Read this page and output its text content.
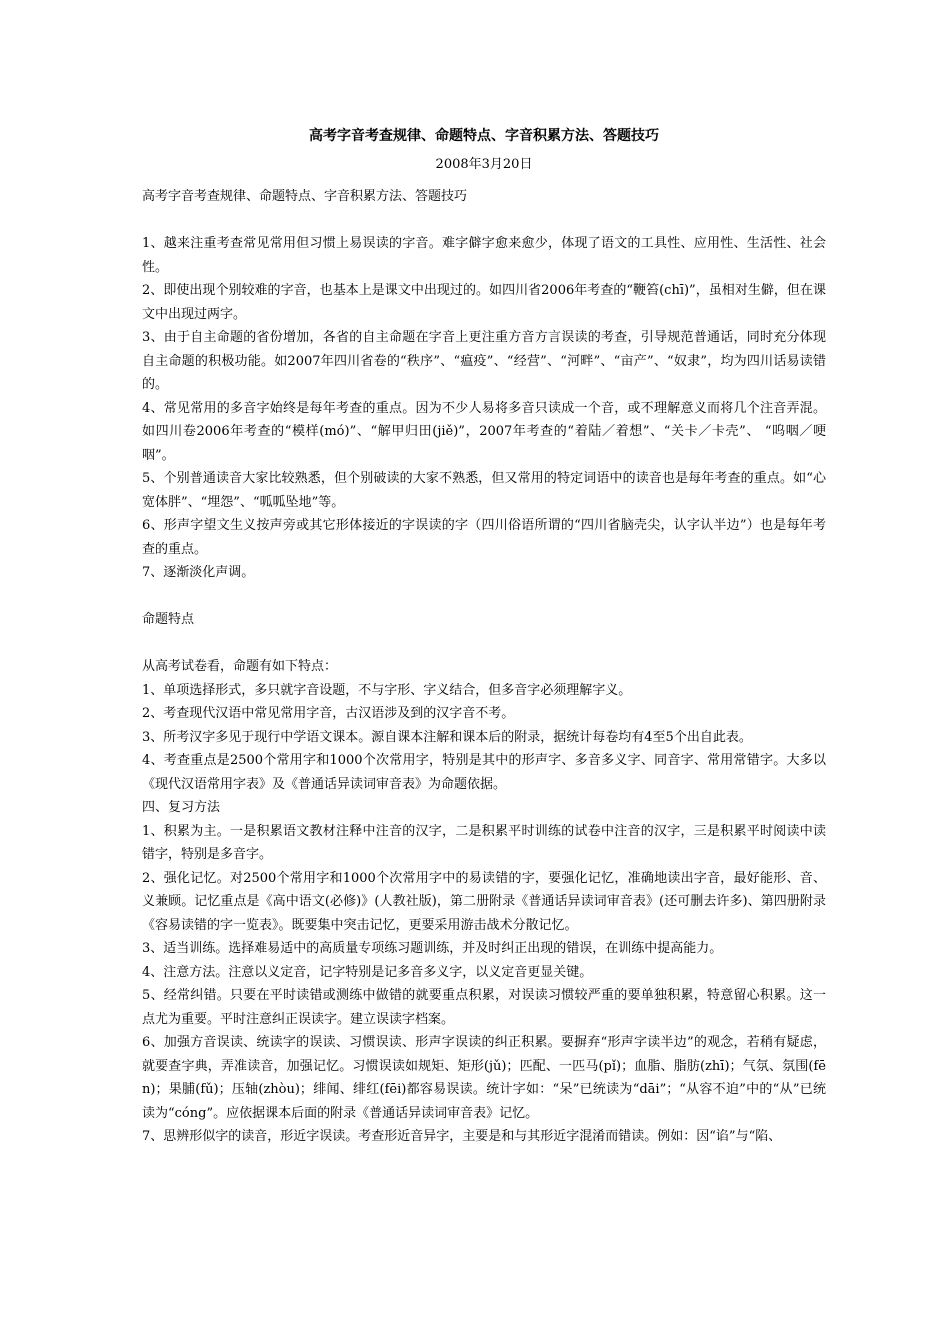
高考字音考查规律、命题特点、字音积累方法、答题技巧
2008年3月20日

高考字音考查规律、命题特点、字音积累方法、答题技巧

1、越来注重考查常见常用但习惯上易误读的字音。难字僻字愈来愈少，体现了语文的工具性、应用性、生活性、社会性。

2、即使出现个别较难的字音，也基本上是课文中出现过的。如四川省2006年考查的“鞭笞(chī)”，虽相对生僻，但在课文中出现过两字。

3、由于自主命题的省份增加，各省的自主命题在字音上更注重方音方言误读的考查，引导规范普通话，同时充分体现自主命题的积极功能。如2007年四川省卷的“秩序”、“瘟疫”、“经营”、“河畔”、“亩产”、“奴隶”，均为四川话易读错的。

4、常见常用的多音字始终是每年考查的重点。因为不少人易将多音只读成一个音，或不理解意义而将几个注音弄混。如四川卷2006年考查的“模样(mó)”、“解甲归田(jiě)”，2007年考查的“着陆／着想”、“关卡／卡壳”、 “呜咽／哽咽”。

5、个别普通读音大家比较熟悉，但个别破读的大家不熟悉，但又常用的特定词语中的读音也是每年考查的重点。如“心宽体胖”、“埋怨”、“呱呱坠地”等。

6、形声字望文生义按声旁或其它形体接近的字误读的字（四川俗语所谓的“四川省脑壳尖，认字认半边”）也是每年考查的重点。

7、逐渐淡化声调。

命题特点

从高考试卷看，命题有如下特点：

1、单项选择形式，多只就字音设题，不与字形、字义结合，但多音字必须理解字义。

2、考查现代汉语中常见常用字音，古汉语涉及到的汉字音不考。

3、所考汉字多见于现行中学语文课本。源自课本注解和课本后的附录，据统计每卷均有4至5个出自此表。

4、考查重点是2500个常用字和1000个次常用字，特别是其中的形声字、多音多义字、同音字、常用常错字。大多以《现代汉语常用字表》及《普通话异读词审音表》为命题依据。

四、复习方法

1、积累为主。一是积累语文教材注释中注音的汉字，二是积累平时训练的试卷中注音的汉字，三是积累平时阅读中读错字，特别是多音字。

2、强化记忆。对2500个常用字和1000个次常用字中的易读错的字，要强化记忆，准确地读出字音，最好能形、音、义兼顾。记忆重点是《高中语文(必修)》(人教社版)，第二册附录《普通话异读词审音表》(还可删去许多)、第四册附录《容易读错的字一览表》。既要集中突击记忆，更要采用游击战术分散记忆。

3、适当训练。选择难易适中的高质量专项练习题训练，并及时纠正出现的错误，在训练中提高能力。

4、注意方法。注意以义定音，记字特别是记多音多义字，以义定音更显关键。

5、经常纠错。只要在平时读错或测练中做错的就要重点积累，对误读习惯较严重的要单独积累，特意留心积累。这一点尤为重要。平时注意纠正误读字。建立误读字档案。

6、加强方音误读、统读字的误读、习惯误读、形声字误读的纠正积累。要摒弃“形声字读半边”的观念，若稍有疑虑，就要查字典，弄准读音，加强记忆。习惯误读如规矩、矩形(jǔ)；匹配、一匹马(pǐ)；血脂、脂肪(zhī)；气氛、氛围(fēn)；果脯(fǔ)；压轴(zhòu)；绯闻、绯红(fēi)都容易误读。统计字如：“呆”已统读为“dāi”；“从容不迫”中的“从”已统读为“cóng”。应依据课本后面的附录《普通话异读词审音表》记忆。

7、思辨形似字的读音，形近字误读。考查形近音异字，主要是和与其形近字混淆而错读。例如：因“谄”与“陷、
